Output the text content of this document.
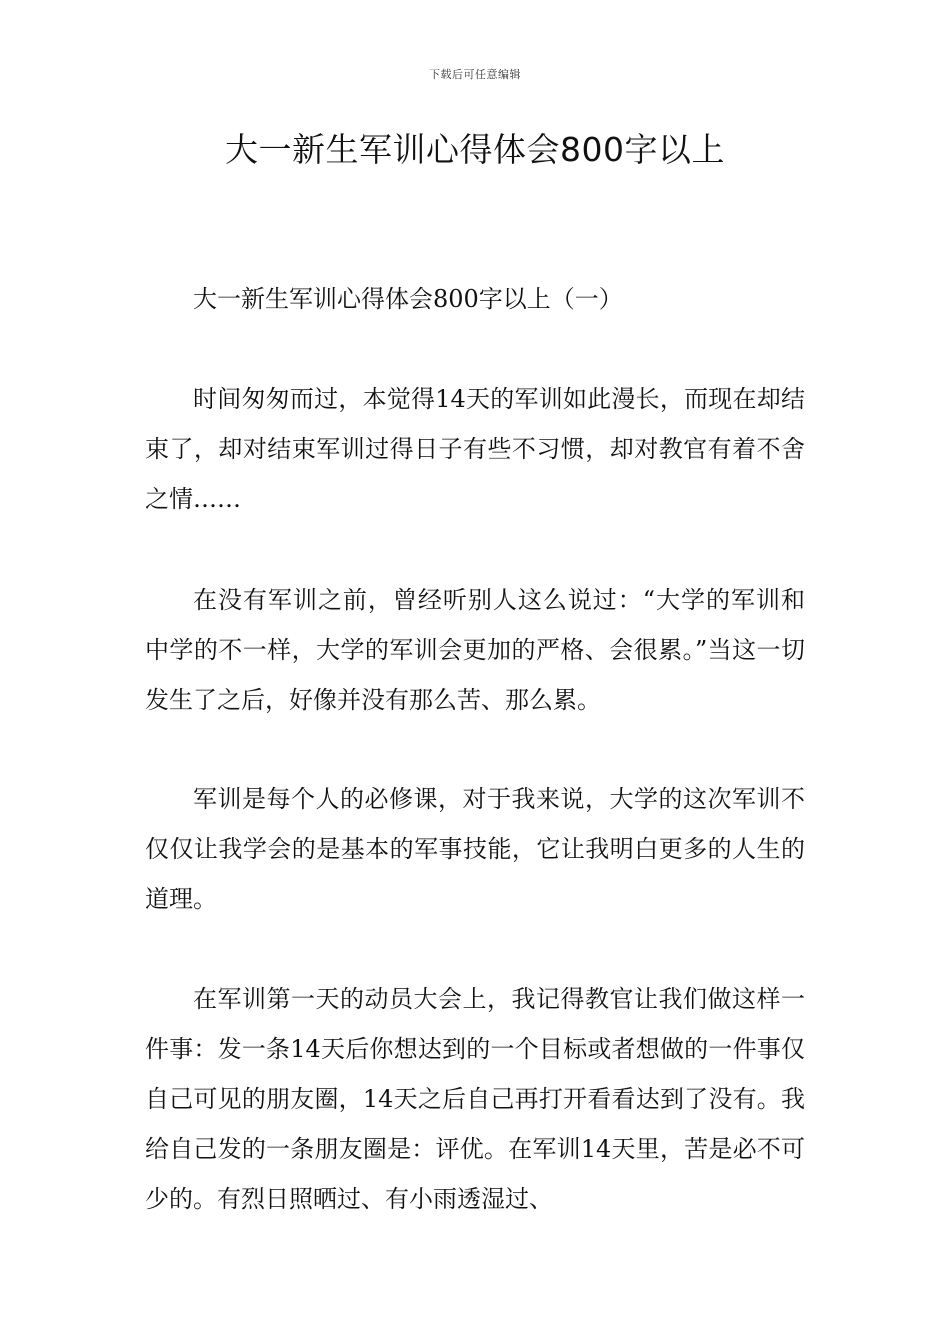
下载后可任意编辑
大一新生军训心得体会800字以上

大一新生军训心得体会800字以上（一）

时间匆匆而过，本觉得14天的军训如此漫长，而现在却结束了，却对结束军训过得日子有些不习惯，却对教官有着不舍之情……

在没有军训之前，曾经听别人这么说过：“大学的军训和中学的不一样，大学的军训会更加的严格、会很累。”当这一切发生了之后，好像并没有那么苦、那么累。

军训是每个人的必修课，对于我来说，大学的这次军训不仅仅让我学会的是基本的军事技能，它让我明白更多的人生的道理。

在军训第一天的动员大会上，我记得教官让我们做这样一件事：发一条14天后你想达到的一个目标或者想做的一件事仅自己可见的朋友圈，14天之后自己再打开看看达到了没有。我给自己发的一条朋友圈是：评优。在军训14天里，苦是必不可少的。有烈日照晒过、有小雨透湿过、
